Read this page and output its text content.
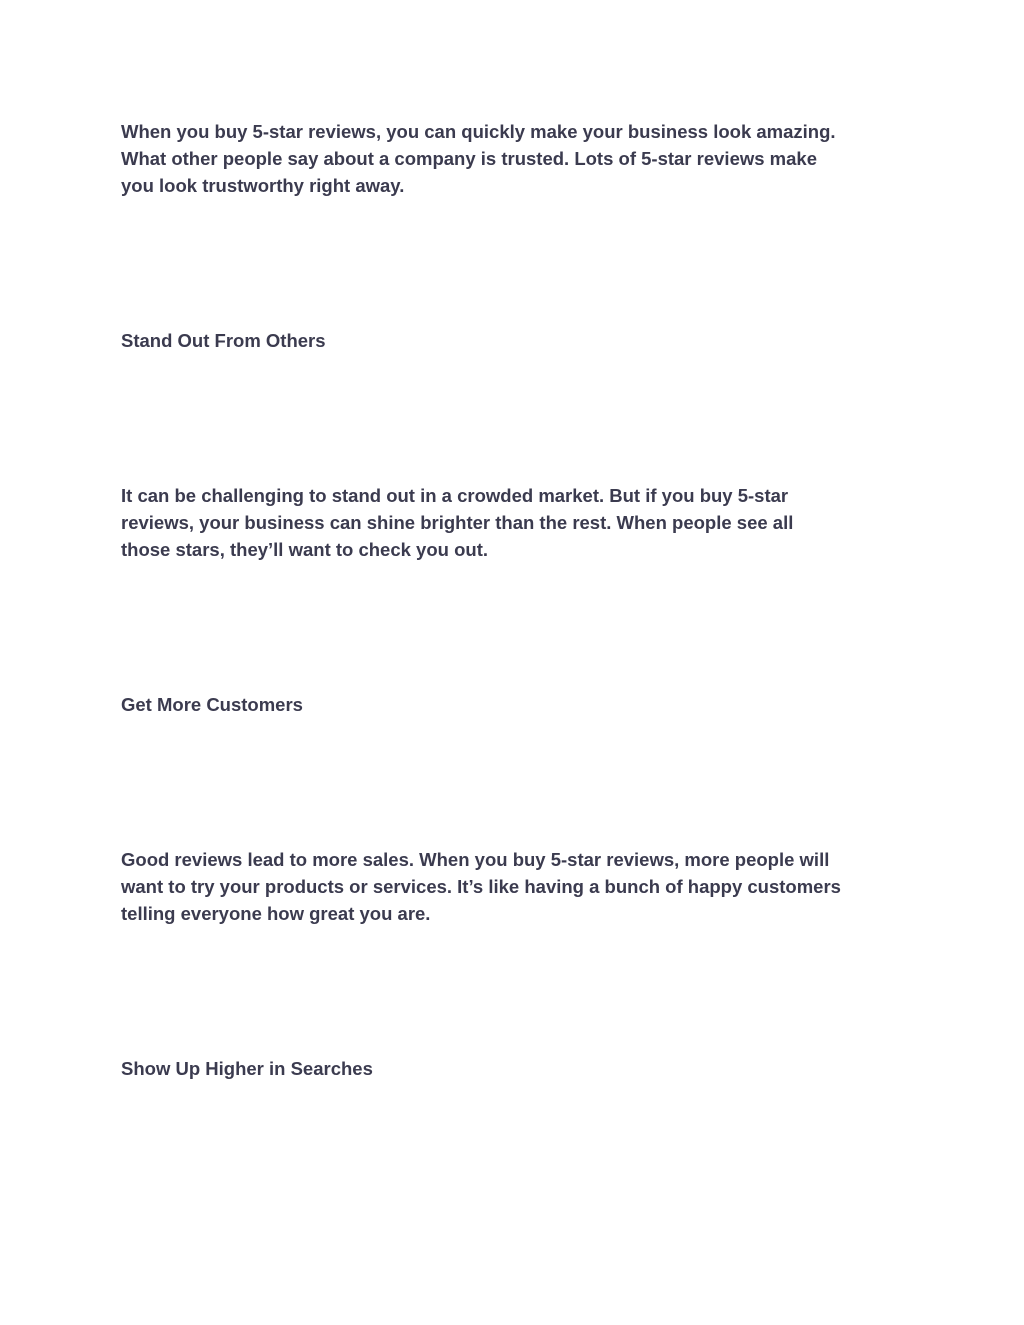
When you buy 5-star reviews, you can quickly make your business look amazing.
What other people say about a company is trusted. Lots of 5-star reviews make
you look trustworthy right away.

Stand Out From Others

It can be challenging to stand out in a crowded market. But if you buy 5-star
reviews, your business can shine brighter than the rest. When people see all
those stars, they’ll want to check you out.

Get More Customers

Good reviews lead to more sales. When you buy 5-star reviews, more people will
want to try your products or services. It’s like having a bunch of happy customers
telling everyone how great you are.

Show Up Higher in Searches
